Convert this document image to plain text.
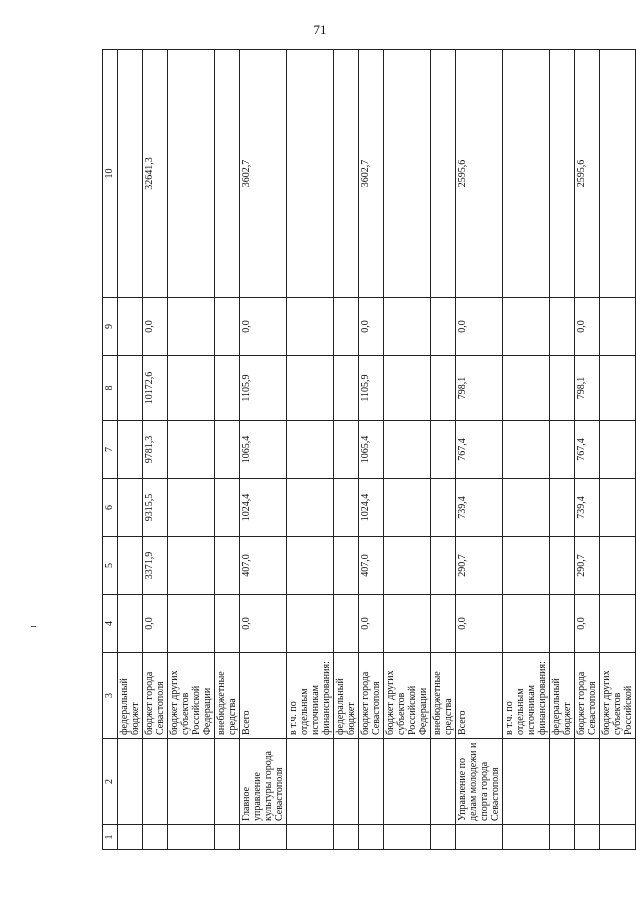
71
1	2	3	4	5	6	7	8	9	10
		федеральный бюджет							
		бюджет города Севастополя	0,0	3371,9	9315,5	9781,3	10172,6	0,0	32641,3
		бюджет других субъектов Российской Федерации							
		внебюджетные средства							
	Главное управление культуры города Севастополя	Всего	0,0	407,0	1024,4	1065,4	1105,9	0,0	3602,7
		в т.ч. по отдельным источникам финансирования:							
		федеральный бюджет							
		бюджет города Севастополя	0,0	407,0	1024,4	1065,4	1105,9	0,0	3602,7
		бюджет других субъектов Российской Федерации							
		внебюджетные средства							
	Управление по делам молодежи и спорта города Севастополя	Всего	0,0	290,7	739,4	767,4	798,1	0,0	2595,6
		в т.ч. по отдельным источникам финансирования:							
		федеральный бюджет							
		бюджет города Севастополя	0,0	290,7	739,4	767,4	798,1	0,0	2595,6
		бюджет других субъектов Российской							
